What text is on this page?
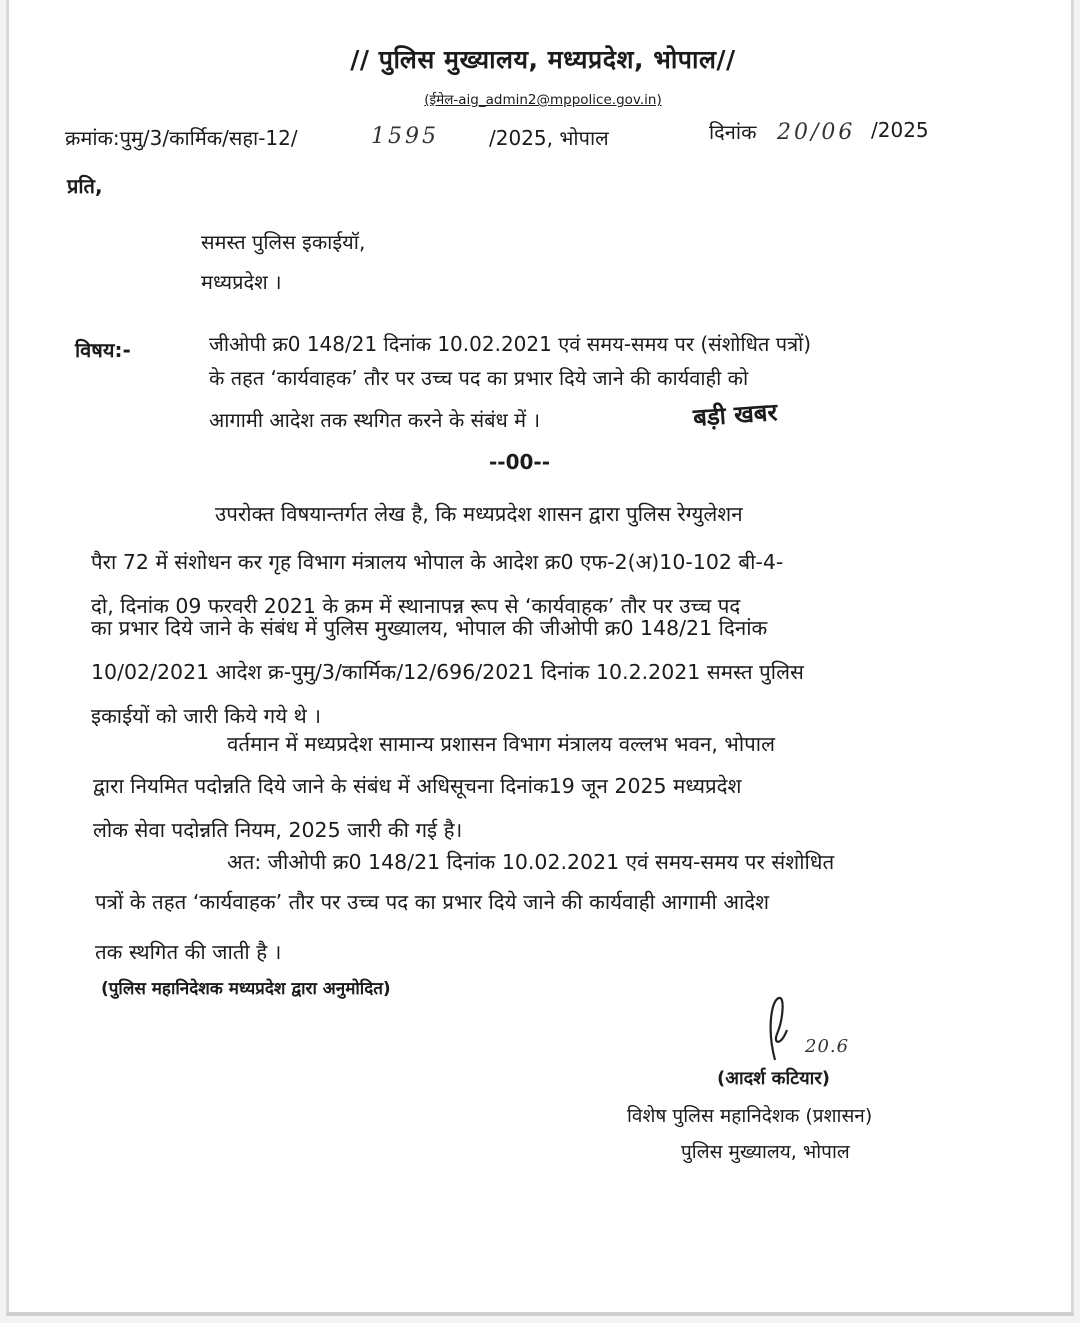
// पुलिस मुख्यालय, मध्यप्रदेश, भोपाल//
(ईमेल-aig_admin2@mppolice.gov.in)
क्रमांक:पुमु/3/कार्मिक/सहा-12/	1595	/2025, भोपाल	दिनांक 20/06 /2025
प्रति,
समस्त पुलिस इकाईयॉ,
मध्यप्रदेश ।
विषय:-	जीओपी क्र0 148/21 दिनांक 10.02.2021 एवं समय-समय पर (संशोधित पत्रों)
के तहत ‘कार्यवाहक’ तौर पर उच्च पद का प्रभार दिये जाने की कार्यवाही को
आगामी आदेश तक स्थगित करने के संबंध में ।	बड़ी खबर
--00--
उपरोक्त विषयान्तर्गत लेख है, कि मध्यप्रदेश शासन द्वारा पुलिस रेग्युलेशन
पैरा 72 में संशोधन कर गृह विभाग मंत्रालय भोपाल के आदेश क्र0 एफ-2(अ)10-102 बी-4-
दो, दिनांक 09 फरवरी 2021 के क्रम में स्थानापन्न रूप से ‘कार्यवाहक’ तौर पर उच्च पद
का प्रभार दिये जाने के संबंध में पुलिस मुख्यालय, भोपाल की जीओपी क्र0 148/21 दिनांक
10/02/2021 आदेश क्र-पुमु/3/कार्मिक/12/696/2021 दिनांक 10.2.2021 समस्त पुलिस
इकाईयों को जारी किये गये थे ।
वर्तमान में मध्यप्रदेश सामान्य प्रशासन विभाग मंत्रालय वल्लभ भवन, भोपाल
द्वारा नियमित पदोन्नति दिये जाने के संबंध में अधिसूचना दिनांक19 जून 2025 मध्यप्रदेश
लोक सेवा पदोन्नति नियम, 2025 जारी की गई है।
अत: जीओपी क्र0 148/21 दिनांक 10.02.2021 एवं समय-समय पर संशोधित
पत्रों के तहत ‘कार्यवाहक’ तौर पर उच्च पद का प्रभार दिये जाने की कार्यवाही आगामी आदेश
तक स्थगित की जाती है ।
(पुलिस महानिदेशक मध्यप्रदेश द्वारा अनुमोदित)
20.6
(आदर्श कटियार)
विशेष पुलिस महानिदेशक (प्रशासन)
पुलिस मुख्यालय, भोपाल
